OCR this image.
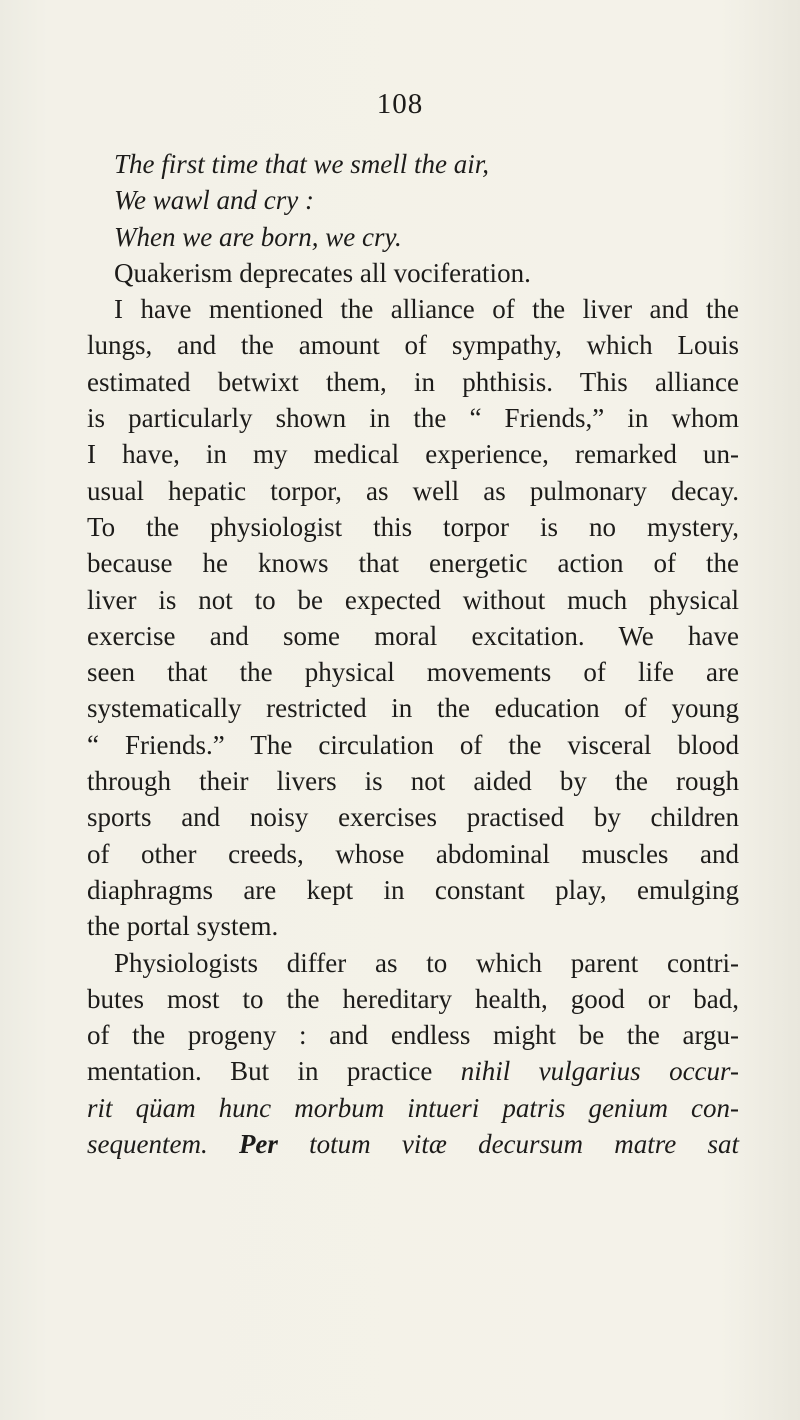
108
The first time that we smell the air,
We wawl and cry :
When we are born, we cry.
Quakerism deprecates all vociferation.
I have mentioned the alliance of the liver and the
lungs, and the amount of sympathy, which Louis
estimated betwixt them, in phthisis. This alliance
is particularly shown in the “ Friends,” in whom
I have, in my medical experience, remarked un-
usual hepatic torpor, as well as pulmonary decay.
To the physiologist this torpor is no mystery,
because he knows that energetic action of the
liver is not to be expected without much physical
exercise and some moral excitation. We have
seen that the physical movements of life are
systematically restricted in the education of young
“ Friends.” The circulation of the visceral blood
through their livers is not aided by the rough
sports and noisy exercises practised by children
of other creeds, whose abdominal muscles and
diaphragms are kept in constant play, emulging
the portal system.
Physiologists differ as to which parent contri-
butes most to the hereditary health, good or bad,
of the progeny : and endless might be the argu-
mentation. But in practice nihil vulgarius occur-
rit qüam hunc morbum intueri patris genium con-
sequentem. Per totum vitæ decursum matre sat
